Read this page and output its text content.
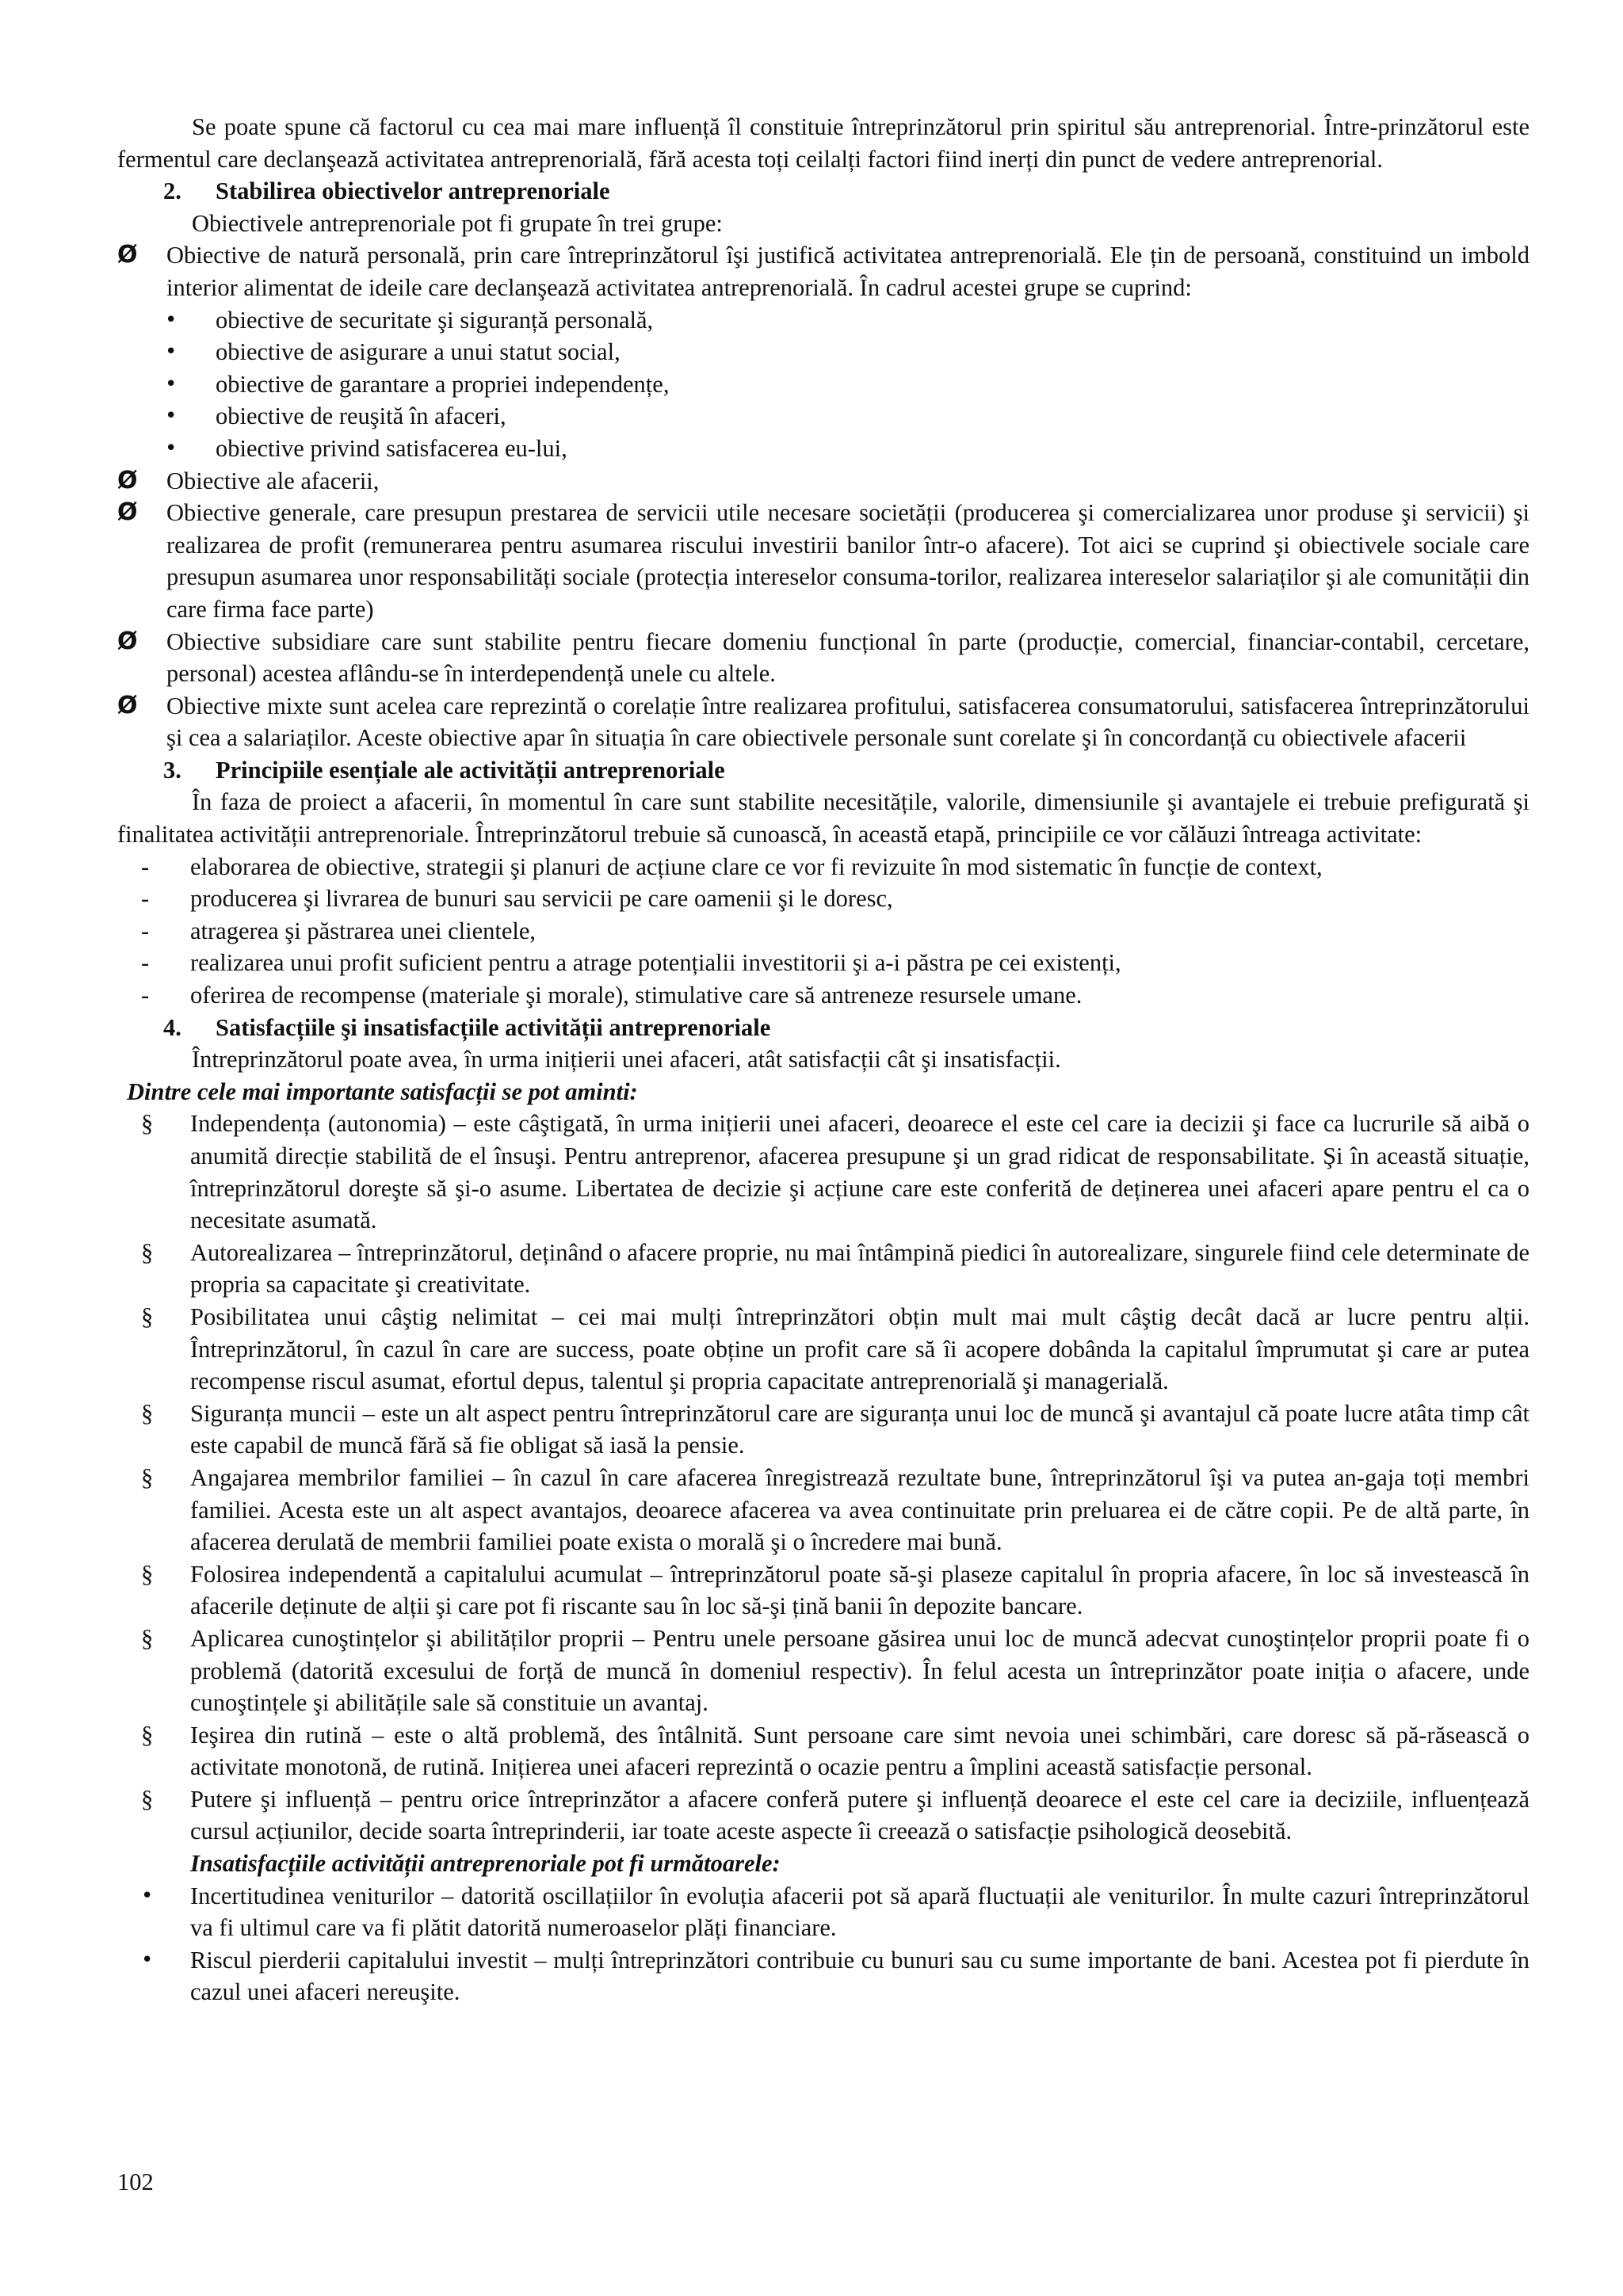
Se poate spune că factorul cu cea mai mare influență îl constituie întreprinzătorul prin spiritul său antreprenorial. Între-prinzătorul este fermentul care declanşează activitatea antreprenorială, fără acesta toți ceilalți factori fiind inerți din punct de vedere antreprenorial.

2. Stabilirea obiectivelor antreprenoriale

Obiectivele antreprenoriale pot fi grupate în trei grupe:

Ø Obiective de natură personală, prin care întreprinzătorul îşi justifică activitatea antreprenorială. Ele țin de persoană, constituind un imbold interior alimentat de ideile care declanşează activitatea antreprenorială. În cadrul acestei grupe se cuprind:
• obiective de securitate şi siguranță personală,
• obiective de asigurare a unui statut social,
• obiective de garantare a propriei independențe,
• obiective de reuşită în afaceri,
• obiective privind satisfacerea eu-lui,
Ø Obiective ale afacerii,
Ø Obiective generale, care presupun prestarea de servicii utile necesare societății (producerea şi comercializarea unor produse şi servicii) şi realizarea de profit (remunerarea pentru asumarea riscului investirii banilor într-o afacere). Tot aici se cuprind şi obiectivele sociale care presupun asumarea unor responsabilități sociale (protecția intereselor consuma-torilor, realizarea intereselor salariaților şi ale comunității din care firma face parte)
Ø Obiective subsidiare care sunt stabilite pentru fiecare domeniu funcțional în parte (producție, comercial, financiar-contabil, cercetare, personal) acestea aflându-se în interdependență unele cu altele.
Ø Obiective mixte sunt acelea care reprezintă o corelație între realizarea profitului, satisfacerea consumatorului, satisfacerea întreprinzătorului şi cea a salariaților. Aceste obiective apar în situația în care obiectivele personale sunt corelate şi în concordanță cu obiectivele afacerii

3. Principiile esențiale ale activității antreprenoriale

În faza de proiect a afacerii, în momentul în care sunt stabilite necesitățile, valorile, dimensiunile şi avantajele ei trebuie prefigurată şi finalitatea activității antreprenoriale. Întreprinzătorul trebuie să cunoască, în această etapă, principiile ce vor călăuzi întreaga activitate:

- elaborarea de obiective, strategii şi planuri de acțiune clare ce vor fi revizuite în mod sistematic în funcție de context,
- producerea şi livrarea de bunuri sau servicii pe care oamenii şi le doresc,
- atragerea şi păstrarea unei clientele,
- realizarea unui profit suficient pentru a atrage potențialii investitorii şi a-i păstra pe cei existenți,
- oferirea de recompense (materiale şi morale), stimulative care să antreneze resursele umane.

4. Satisfacțiile şi insatisfacțiile activității antreprenoriale

Întreprinzătorul poate avea, în urma inițierii unei afaceri, atât satisfacții cât şi insatisfacții.

Dintre cele mai importante satisfacții se pot aminti:

§ Independența (autonomia) – este câştigată, în urma inițierii unei afaceri, deoarece el este cel care ia decizii şi face ca lucrurile să aibă o anumită direcție stabilită de el însuşi. Pentru antreprenor, afacerea presupune şi un grad ridicat de responsabilitate. Şi în această situație, întreprinzătorul doreşte să şi-o asume. Libertatea de decizie şi acțiune care este conferită de deținerea unei afaceri apare pentru el ca o necesitate asumată.
§ Autorealizarea – întreprinzătorul, deținând o afacere proprie, nu mai întâmpină piedici în autorealizare, singurele fiind cele determinate de propria sa capacitate şi creativitate.
§ Posibilitatea unui câştig nelimitat – cei mai mulți întreprinzători obțin mult mai mult câştig decât dacă ar lucre pentru alții. Întreprinzătorul, în cazul în care are success, poate obține un profit care să îi acopere dobânda la capitalul împrumutat şi care ar putea recompense riscul asumat, efortul depus, talentul şi propria capacitate antreprenorială şi managerială.
§ Siguranța muncii – este un alt aspect pentru întreprinzătorul care are siguranța unui loc de muncă şi avantajul că poate lucre atâta timp cât este capabil de muncă fără să fie obligat să iasă la pensie.
§ Angajarea membrilor familiei – în cazul în care afacerea înregistrează rezultate bune, întreprinzătorul îşi va putea an-gaja toți membri familiei. Acesta este un alt aspect avantajos, deoarece afacerea va avea continuitate prin preluarea ei de către copii. Pe de altă parte, în afacerea derulată de membrii familiei poate exista o morală şi o încredere mai bună.
§ Folosirea independentă a capitalului acumulat – întreprinzătorul poate să-şi plaseze capitalul în propria afacere, în loc să investească în afacerile deținute de alții şi care pot fi riscante sau în loc să-şi țină banii în depozite bancare.
§ Aplicarea cunoştințelor şi abilităților proprii – Pentru unele persoane găsirea unui loc de muncă adecvat cunoştințelor proprii poate fi o problemă (datorită excesului de forță de muncă în domeniul respectiv). În felul acesta un întreprinzător poate iniția o afacere, unde cunoştințele şi abilitățile sale să constituie un avantaj.
§ Ieşirea din rutină – este o altă problemă, des întâlnită. Sunt persoane care simt nevoia unei schimbări, care doresc să pă-răsească o activitate monotonă, de rutină. Inițierea unei afaceri reprezintă o ocazie pentru a împlini această satisfacție personal.
§ Putere şi influență – pentru orice întreprinzător a afacere conferă putere şi influență deoarece el este cel care ia deciziile, influențează cursul acțiunilor, decide soarta întreprinderii, iar toate aceste aspecte îi creează o satisfacție psihologică deosebită.

Insatisfacțiile activității antreprenoriale pot fi următoarele:

• Incertitudinea veniturilor – datorită oscillațiilor în evoluția afacerii pot să apară fluctuații ale veniturilor. În multe cazuri întreprinzătorul va fi ultimul care va fi plătit datorită numeroaselor plăți financiare.
• Riscul pierderii capitalului investit – mulți întreprinzători contribuie cu bunuri sau cu sume importante de bani. Acestea pot fi pierdute în cazul unei afaceri nereuşite.
102
